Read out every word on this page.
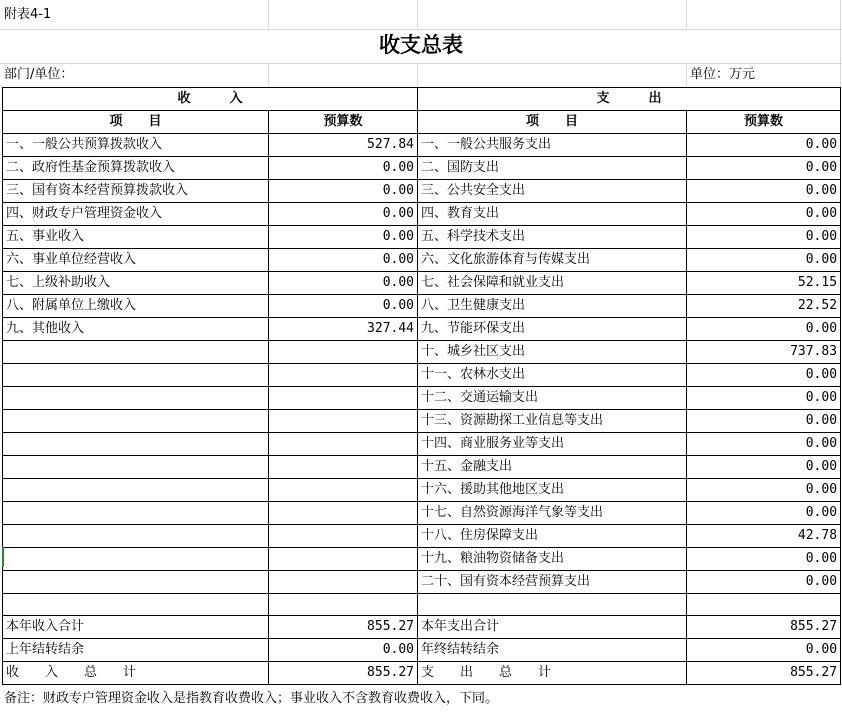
附表4-1
收支总表
部门/单位：	单位：万元
收　　　入		支　　　出	
项　　目	预算数	项　　目	预算数
一、一般公共预算拨款收入	527.84	一、一般公共服务支出	0.00
二、政府性基金预算拨款收入	0.00	二、国防支出	0.00
三、国有资本经营预算拨款收入	0.00	三、公共安全支出	0.00
四、财政专户管理资金收入	0.00	四、教育支出	0.00
五、事业收入	0.00	五、科学技术支出	0.00
六、事业单位经营收入	0.00	六、文化旅游体育与传媒支出	0.00
七、上级补助收入	0.00	七、社会保障和就业支出	52.15
八、附属单位上缴收入	0.00	八、卫生健康支出	22.52
九、其他收入	327.44	九、节能环保支出	0.00
		十、城乡社区支出	737.83
		十一、农林水支出	0.00
		十二、交通运输支出	0.00
		十三、资源勘探工业信息等支出	0.00
		十四、商业服务业等支出	0.00
		十五、金融支出	0.00
		十六、援助其他地区支出	0.00
		十七、自然资源海洋气象等支出	0.00
		十八、住房保障支出	42.78
		十九、粮油物资储备支出	0.00
		二十、国有资本经营预算支出	0.00

本年收入合计	855.27	本年支出合计	855.27
上年结转结余	0.00	年终结转结余	0.00
收　　入　　总　　计	855.27	支　　出　　总　　计	855.27
备注：财政专户管理资金收入是指教育收费收入；事业收入不含教育收费收入，下同。
